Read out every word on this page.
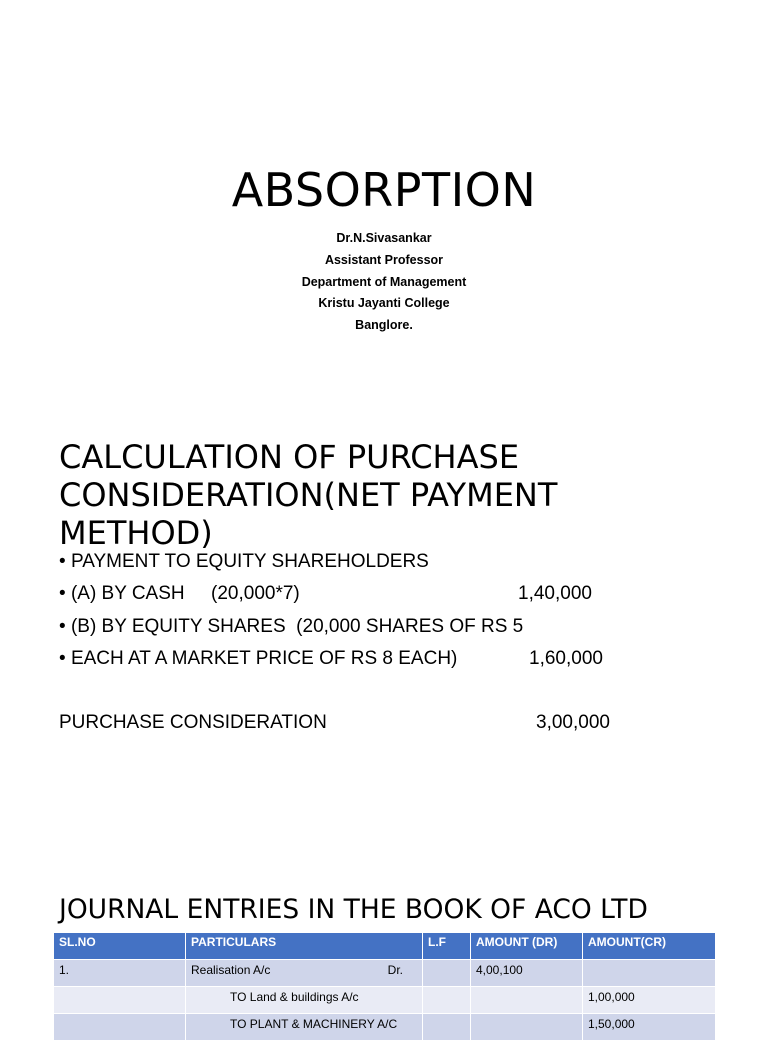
ABSORPTION
Dr.N.Sivasankar
Assistant Professor
Department of Management
Kristu Jayanti College
Banglore.
CALCULATION OF PURCHASE
CONSIDERATION(NET PAYMENT
METHOD)
• PAYMENT TO EQUITY SHAREHOLDERS
• (A) BY CASH     (20,000*7)	1,40,000
• (B) BY EQUITY SHARES  (20,000 SHARES OF RS 5
• EACH AT A MARKET PRICE OF RS 8 EACH)	1,60,000
PURCHASE CONSIDERATION	3,00,000
JOURNAL ENTRIES IN THE BOOK OF ACO LTD
SL.NO	PARTICULARS	L.F	AMOUNT (DR)	AMOUNT(CR)
1.	Realisation A/c Dr.		4,00,100	
	TO Land & buildings A/c			1,00,000
	TO PLANT & MACHINERY A/C			1,50,000
